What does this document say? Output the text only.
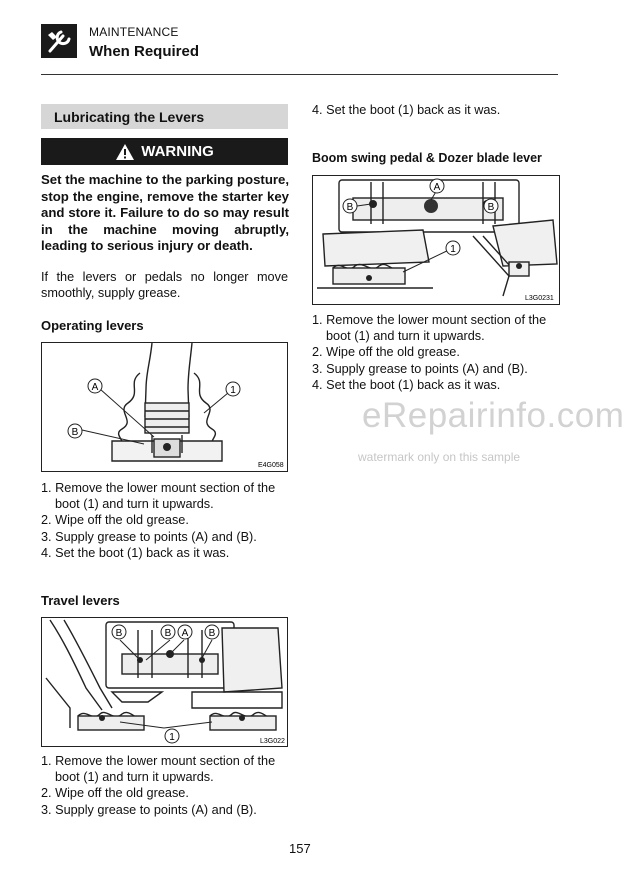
MAINTENANCE
When Required
Lubricating the Levers
WARNING
Set the machine to the parking posture, stop the engine, remove the starter key and store it. Failure to do so may result in the machine moving abruptly, leading to serious injury or death.
If the levers or pedals no longer move smoothly, supply grease.
Operating levers
A
B
1
E4G058
1. Remove the lower mount section of the boot (1) and turn it upwards.
2. Wipe off the old grease.
3. Supply grease to points (A) and (B).
4. Set the boot (1) back as it was.
Travel levers
B	B A B
1	L3G022
1. Remove the lower mount section of the boot (1) and turn it upwards.
2. Wipe off the old grease.
3. Supply grease to points (A) and (B).
4. Set the boot (1) back as it was.
Boom swing pedal & Dozer blade lever
B
A
B
1
L3G0231
1. Remove the lower mount section of the boot (1) and turn it upwards.
2. Wipe off the old grease.
3. Supply grease to points (A) and (B).
4. Set the boot (1) back as it was.
eRepairinfo.com
watermark only on this sample
157
